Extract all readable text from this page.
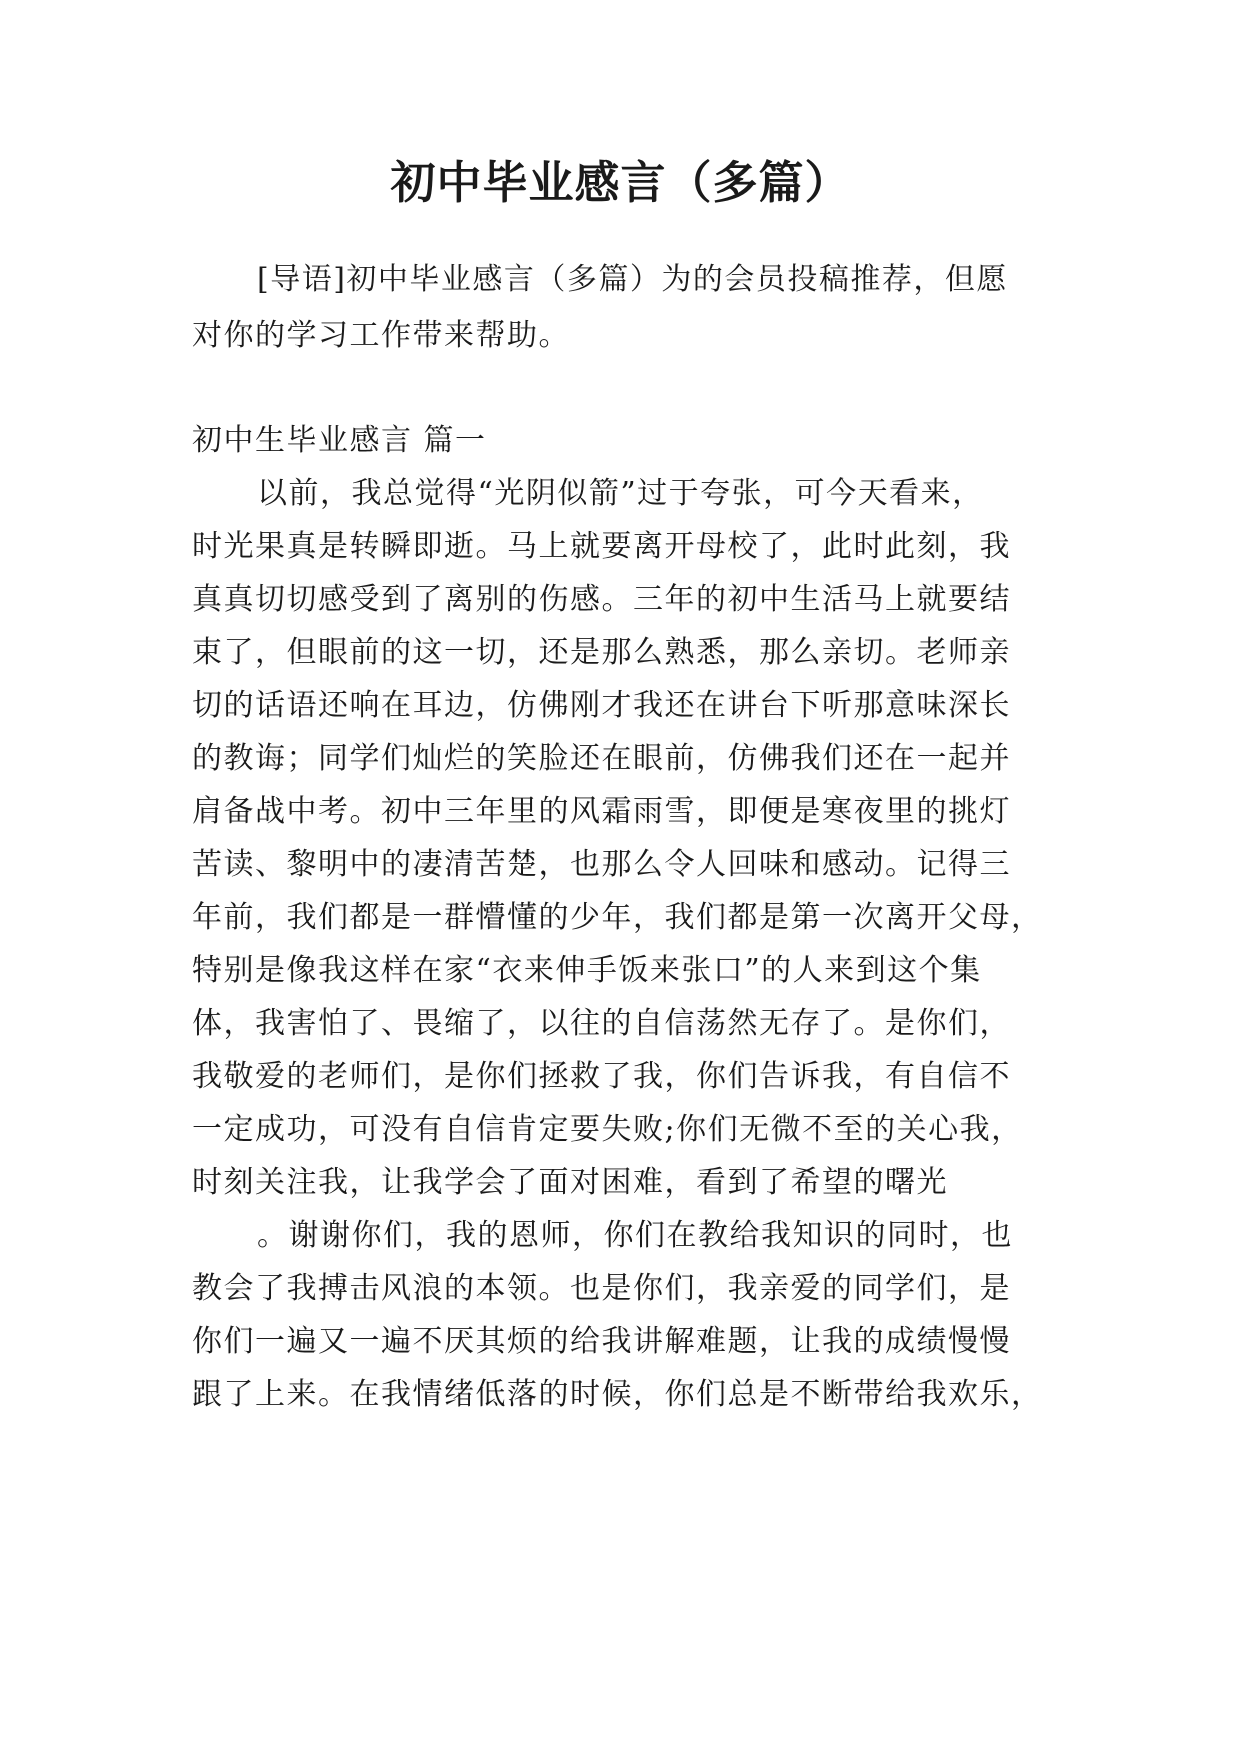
初中毕业感言（多篇）

[导语]初中毕业感言（多篇）为的会员投稿推荐，但愿

对你的学习工作带来帮助。

初中生毕业感言 篇一

以前，我总觉得“光阴似箭”过于夸张，可今天看来，

时光果真是转瞬即逝。马上就要离开母校了，此时此刻，我

真真切切感受到了离别的伤感。三年的初中生活马上就要结

束了，但眼前的这一切，还是那么熟悉，那么亲切。老师亲

切的话语还响在耳边，仿佛刚才我还在讲台下听那意味深长

的教诲；同学们灿烂的笑脸还在眼前，仿佛我们还在一起并

肩备战中考。初中三年里的风霜雨雪，即便是寒夜里的挑灯

苦读、黎明中的凄清苦楚，也那么令人回味和感动。记得三

年前，我们都是一群懵懂的少年，我们都是第一次离开父母，

特别是像我这样在家“衣来伸手饭来张口”的人来到这个集

体，我害怕了、畏缩了，以往的自信荡然无存了。是你们，

我敬爱的老师们，是你们拯救了我，你们告诉我，有自信不

一定成功，可没有自信肯定要失败;你们无微不至的关心我，

时刻关注我，让我学会了面对困难，看到了希望的曙光

。谢谢你们，我的恩师，你们在教给我知识的同时，也

教会了我搏击风浪的本领。也是你们，我亲爱的同学们，是

你们一遍又一遍不厌其烦的给我讲解难题，让我的成绩慢慢

跟了上来。在我情绪低落的时候，你们总是不断带给我欢乐，
